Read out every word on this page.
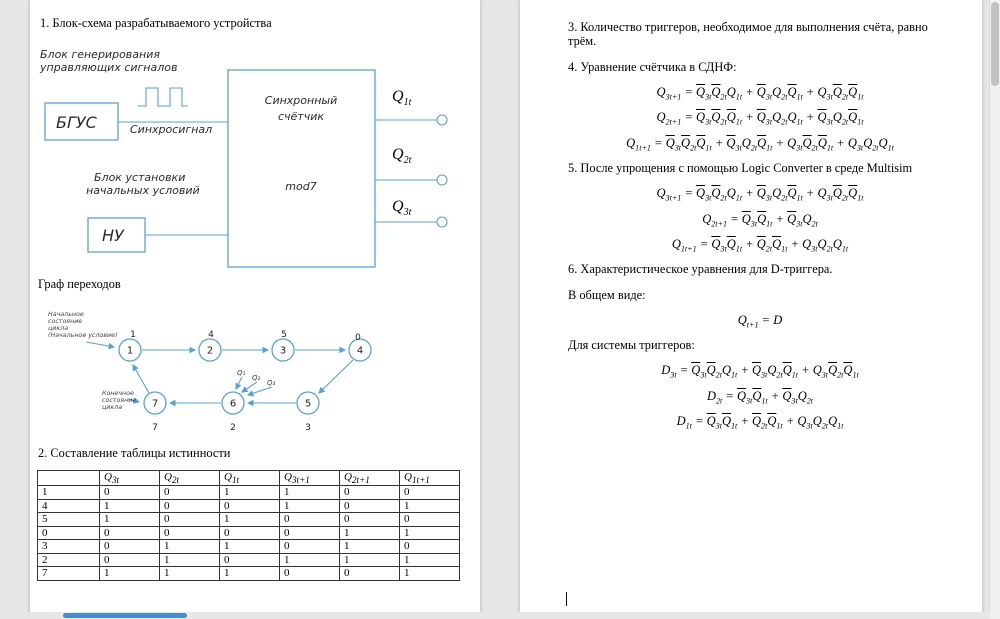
1. Блок-схема разрабатываемого устройства
Блок генерирования
управляющих сигналов
БГУС	Синхросигнал
Синхронный
счётчик
mod7
Блок установки
начальных условий
НУ
$Q_{1t}$
$Q_{2t}$
$Q_{3t}$
Граф переходов
1	2	3	4
5
6
7
1	4	5	0
3
2
7
Начальное
состояние
цикла
(Начальное условие)
Конечное
состояние
цикла
Q₁
Q₂
Q₃
2. Составление таблицы истинности
	$Q_{3t}$	$Q_{2t}$	$Q_{1t}$	$Q_{3t+1}$	$Q_{2t+1}$	$Q_{1t+1}$
1	0	0	1	1	0	0
4	1	0	0	1	0	1
5	1	0	1	0	0	0
0	0	0	0	0	1	1
3	0	1	1	0	1	0
2	0	1	0	1	1	1
7	1	1	1	0	0	1

3. Количество триггеров, необходимое для выполнения счёта, равно трём.

4. Уравнение счётчика в СДНФ:

$Q_{3t+1} = \overline{Q}_{3t}\overline{Q}_{2t}Q_{1t} + \overline{Q}_{3t}Q_{2t}\overline{Q}_{1t} + Q_{3t}\overline{Q}_{2t}\overline{Q}_{1t}$
$Q_{2t+1} = \overline{Q}_{3t}\overline{Q}_{2t}\overline{Q}_{1t} + \overline{Q}_{3t}Q_{2t}Q_{1t} + \overline{Q}_{3t}Q_{2t}\overline{Q}_{1t}$
$Q_{1t+1} = \overline{Q}_{3t}\overline{Q}_{2t}\overline{Q}_{1t} + \overline{Q}_{3t}Q_{2t}\overline{Q}_{1t} + Q_{3t}\overline{Q}_{2t}\overline{Q}_{1t} + Q_{3t}Q_{2t}Q_{1t}$

5. После упрощения с помощью Logic Converter в среде Multisim

$Q_{3t+1} = \overline{Q}_{3t}\overline{Q}_{2t}Q_{1t} + \overline{Q}_{3t}Q_{2t}\overline{Q}_{1t} + Q_{3t}\overline{Q}_{2t}\overline{Q}_{1t}$
$Q_{2t+1} = \overline{Q}_{3t}\overline{Q}_{1t} + \overline{Q}_{3t}Q_{2t}$
$Q_{1t+1} = \overline{Q}_{3t}\overline{Q}_{1t} + \overline{Q}_{2t}\overline{Q}_{1t} + Q_{3t}Q_{2t}Q_{1t}$

6. Характеристическое уравнения для D-триггера.

В общем виде:

$Q_{t+1} = D$

Для системы триггеров:

$D_{3t} = \overline{Q}_{3t}\overline{Q}_{2t}Q_{1t} + \overline{Q}_{3t}Q_{2t}\overline{Q}_{1t} + Q_{3t}\overline{Q}_{2t}\overline{Q}_{1t}$
$D_{2t} = \overline{Q}_{3t}\overline{Q}_{1t} + \overline{Q}_{3t}Q_{2t}$
$D_{1t} = \overline{Q}_{3t}\overline{Q}_{1t} + \overline{Q}_{2t}\overline{Q}_{1t} + Q_{3t}Q_{2t}Q_{1t}$
